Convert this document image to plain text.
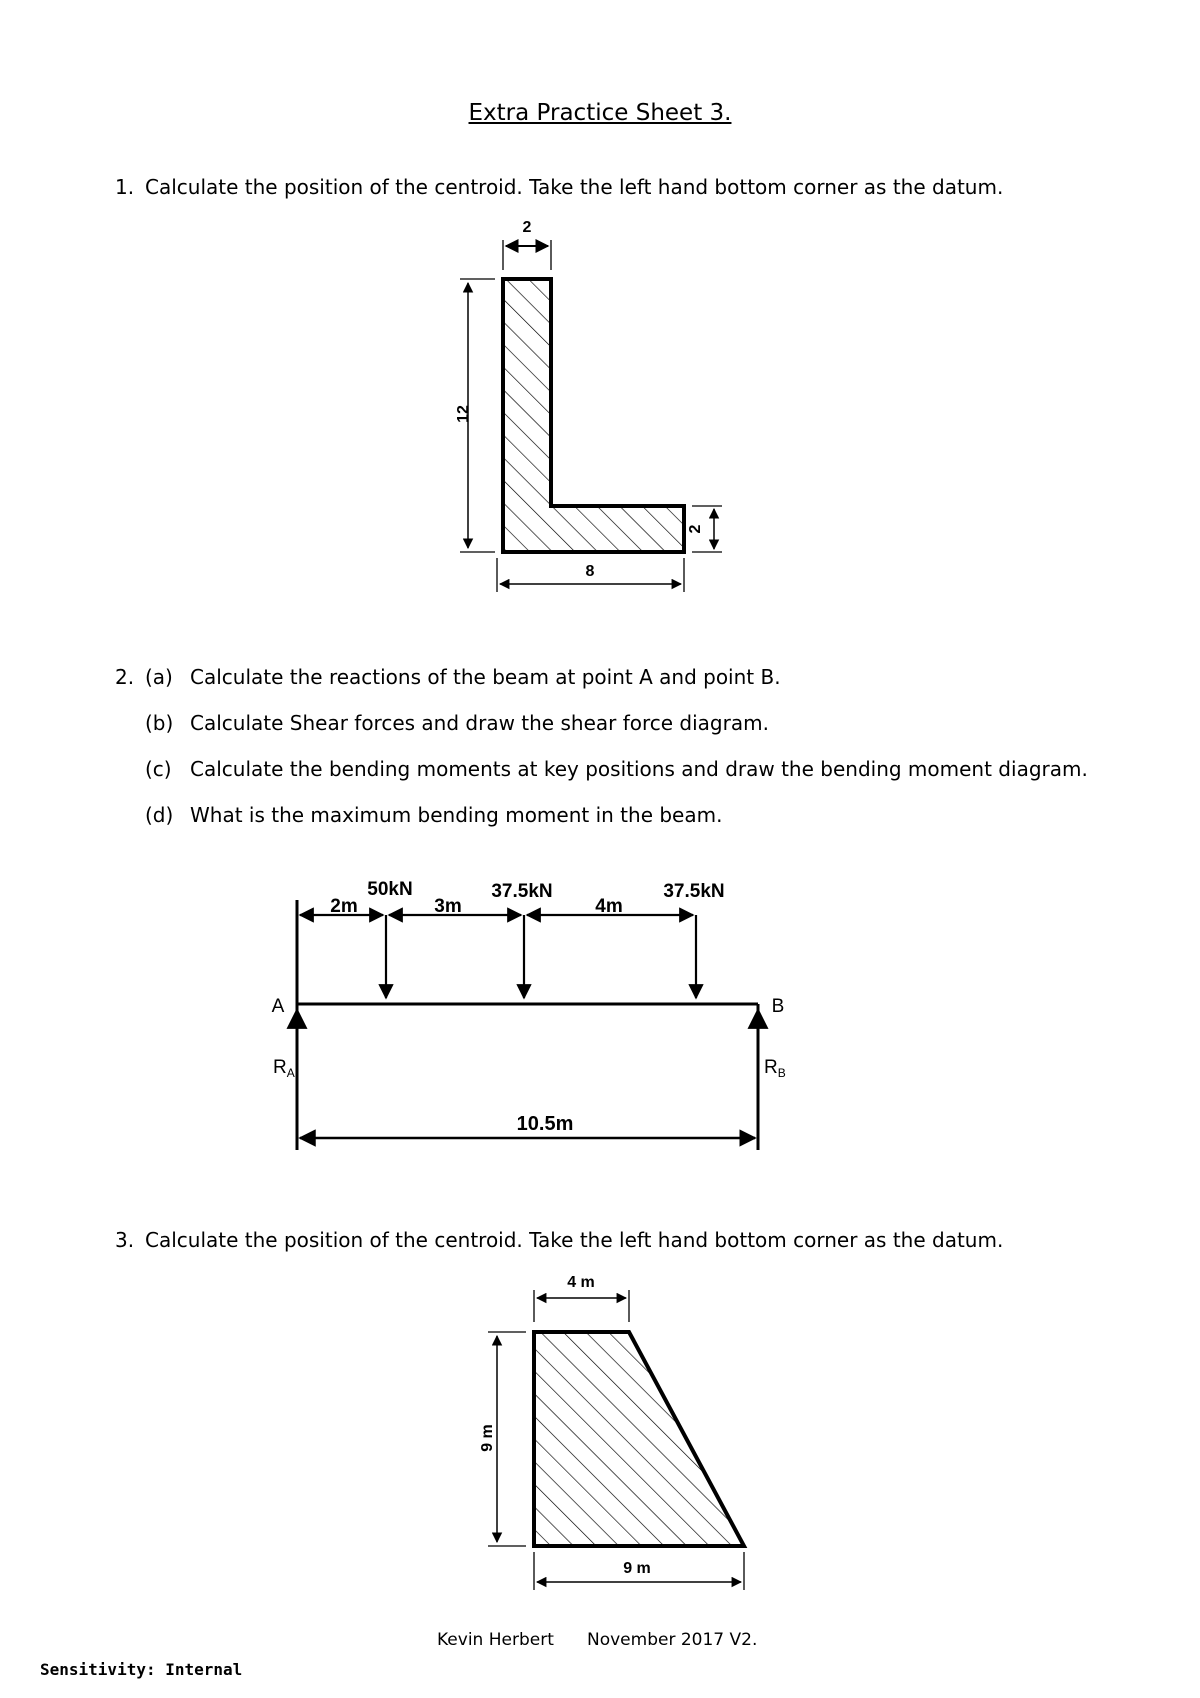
Extra Practice Sheet 3.
1. Calculate the position of the centroid. Take the left hand bottom corner as the datum.
2
12
2
8
50kN	37.5kN	37.5kN
2m	3m	4m
A	B
$R_A$	$R_B$
10.5m
4 m
9 m
9 m
2. (a) Calculate the reactions of the beam at point A and point B.
(b) Calculate Shear forces and draw the shear force diagram.
(c) Calculate the bending moments at key positions and draw the bending moment diagram.
(d) What is the maximum bending moment in the beam.
3. Calculate the position of the centroid. Take the left hand bottom corner as the datum.
Kevin Herbert November 2017 V2.
Sensitivity: Internal
